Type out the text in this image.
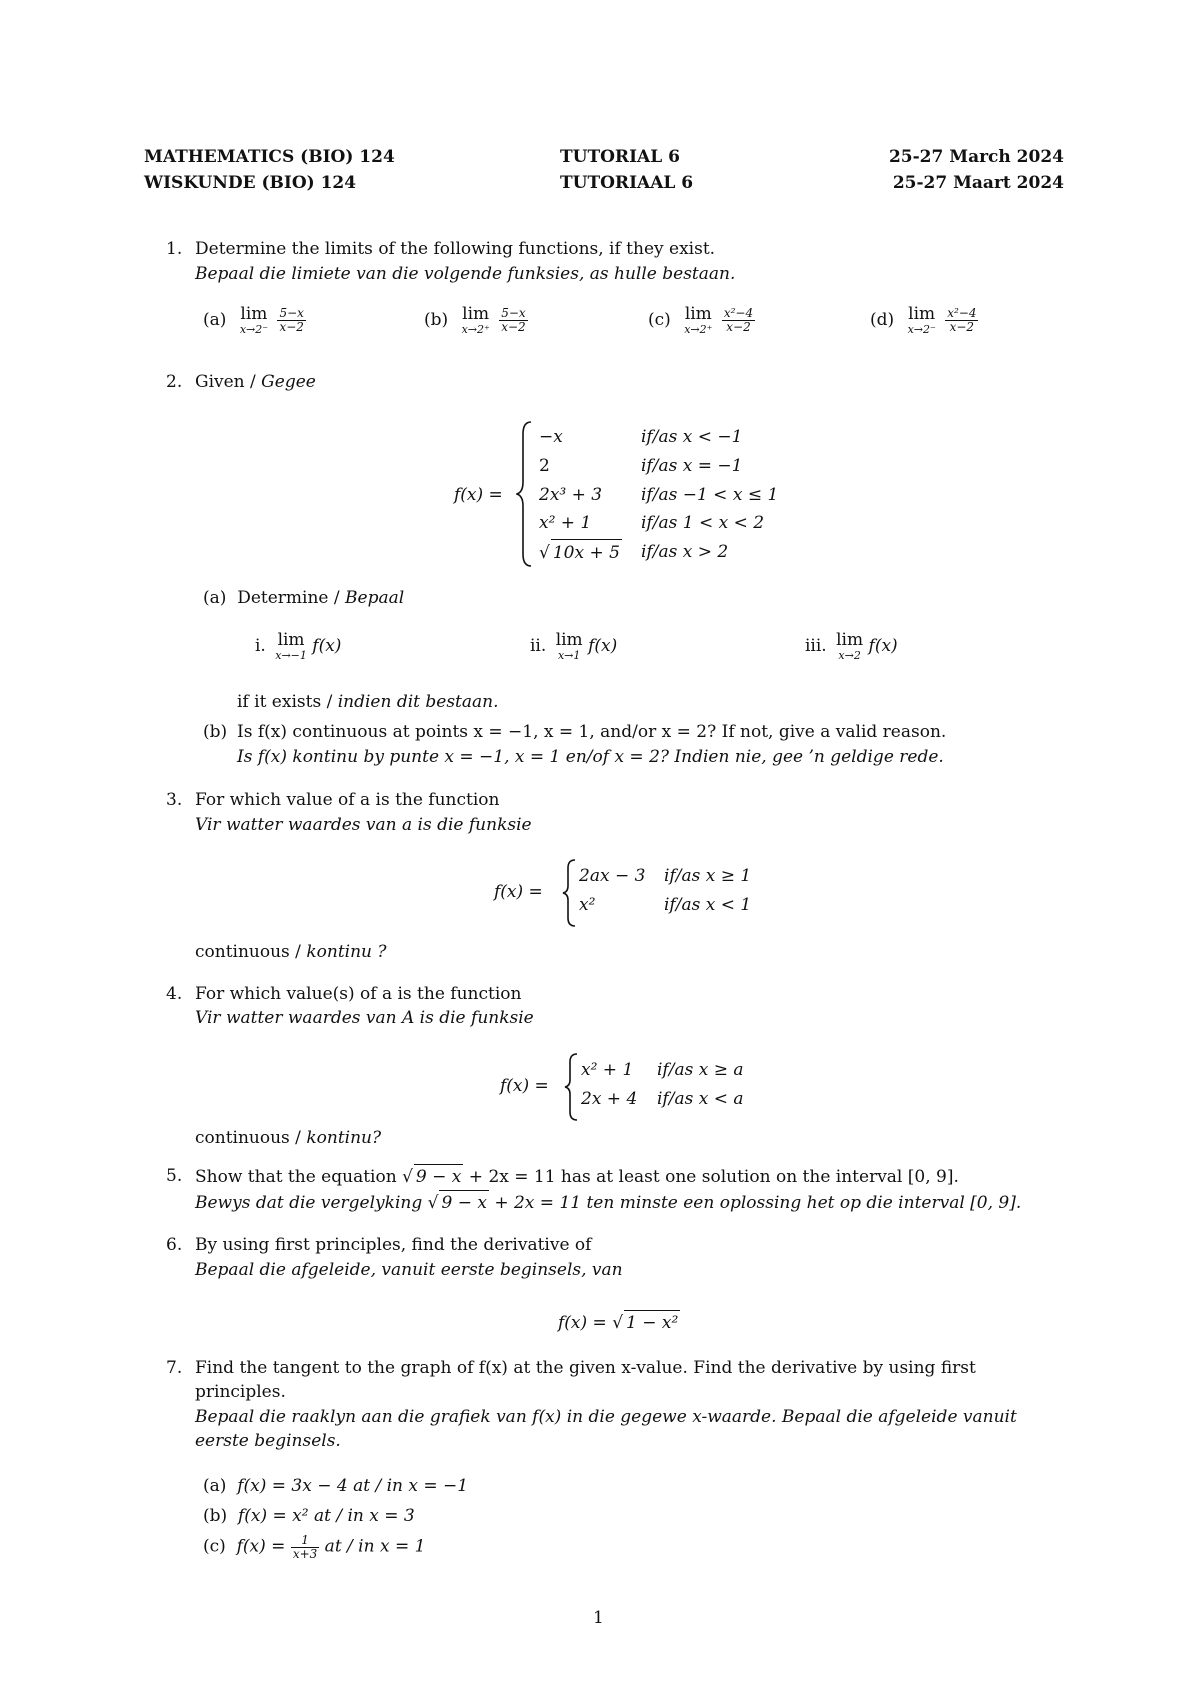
MATHEMATICS (BIO) 124
WISKUNDE (BIO) 124
TUTORIAL 6
TUTORIAAL 6
25-27 March 2024
25-27 Maart 2024
1. Determine the limits of the following functions, if they exist.
Bepaal die limiete van die volgende funksies, as hulle bestaan.
(a) lim
x→2⁻
$\frac{5-x}{x-2}$	(b) lim
x→2⁺
$\frac{5-x}{x-2}$	(c) lim
x→2⁺
$\frac{\text{x²−4}}{x-2}$	(d) lim
x→2⁻
$\frac{\text{x²−4}}{x-2}$
2. Given / Gegee
f(x) =
−x	if/as x < −1
2	if/as x = −1
2x³ + 3 if/as −1 < x ≤ 1
x² + 1	if/as 1 < x < 2
√ 10x + 5 if/as x > 2
(a) Determine / Bepaal
i. lim
x→−1 f(x)	ii. lim
x→1 f(x)	iii. lim
x→2 f(x)
if it exists / indien dit bestaan.
(b) Is f(x) continuous at points x = −1, x = 1, and/or x = 2? If not, give a valid reason.
Is f(x) kontinu by punte x = −1, x = 1 en/of x = 2? Indien nie, gee ’n geldige rede.
3. For which value of a is the function
Vir watter waardes van a is die funksie
f(x) =
2ax − 3 if/as x ≥ 1
x²	if/as x < 1
continuous / kontinu ?
4. For which value(s) of a is the function
Vir watter waardes van A is die funksie
f(x) =
x² + 1 if/as x ≥ a
2x + 4 if/as x < a
continuous / kontinu?
5. Show that the equation √ 9 − x + 2x = 11 has at least one solution on the interval [0, 9].
Bewys dat die vergelyking √ 9 − x + 2x = 11 ten minste een oplossing het op die interval [0, 9].
6. By using first principles, find the derivative of
Bepaal die afgeleide, vanuit eerste beginsels, van
f(x) = √ 1 − x²
7. Find the tangent to the graph of f(x) at the given x-value. Find the derivative by using first
principles.
Bepaal die raaklyn aan die grafiek van f(x) in die gegewe x-waarde. Bepaal die afgeleide vanuit
eerste beginsels.
(a) f(x) = 3x − 4 at / in x = −1
(b) f(x) = x² at / in x = 3
(c) $f(x) = \frac{1}{x+3}$ at / in x = 1
1
